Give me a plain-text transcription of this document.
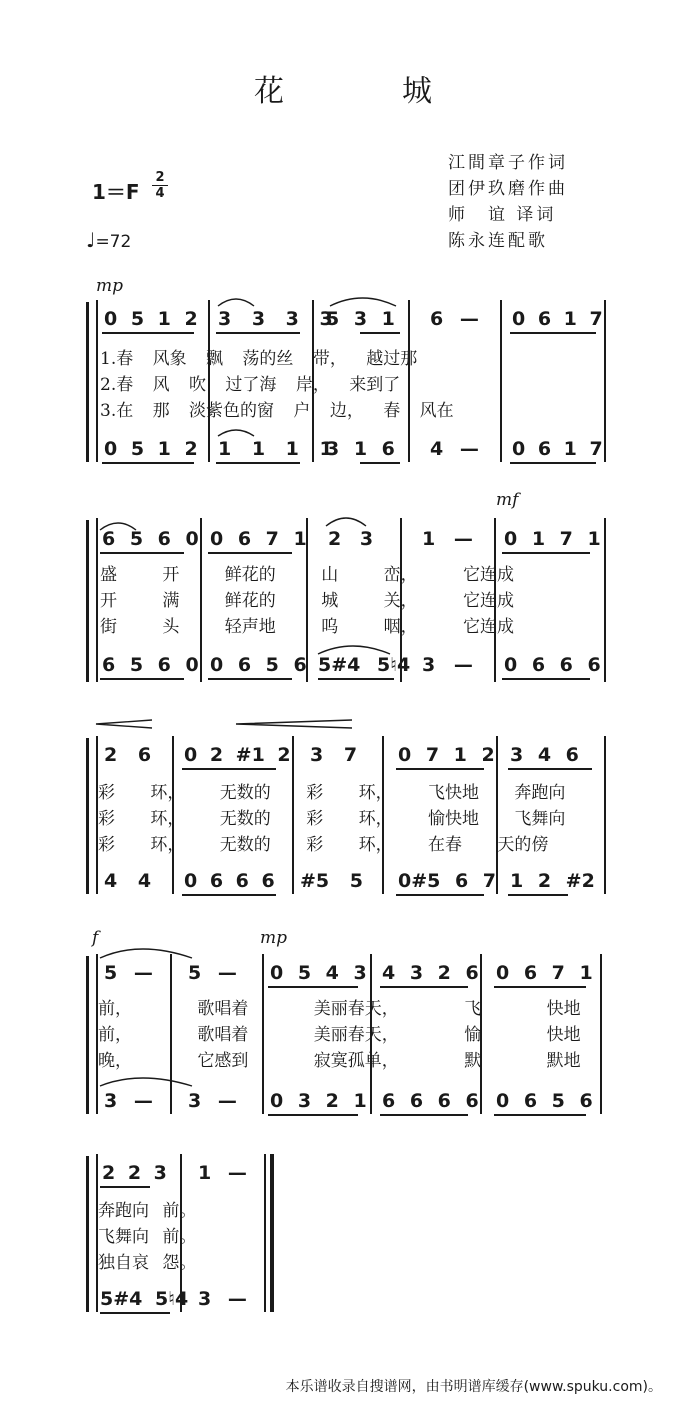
花　城
江間章子作词
团伊玖磨作曲
师　谊 译词
陈永连配歌
1＝F
2
4
♩=72
mp
0 5 1 2 3 3 3 3
5 3 1 6 — 0 6 1 7
1.春 风象 飘 荡的丝 带， 越过那
2.春 风 吹 过了海 岸， 来到了
3.在 那 淡紫色的窗 户 边， 春 风在
0 5 1 2 1 1 1 1
3 1 6 4 — 0 6 1 7
mf
6 5 6 0 0 6 7 1 2 3	1 — 0 1 7 1
盛 开 鲜花的 山 峦， 它连成
开 满 鲜花的 城 关， 它连成
街 头 轻声地 呜 咽， 它连成
6 5 6 0 0 6 5 6 5#4 5♮4 3 — 0 6 6 6
2 6 0 2 #1 2 3 7 0 7 1 2 3 4 6
彩 环， 无数的 彩 环， 飞快地 奔跑向
彩 环， 无数的 彩 环， 愉快地 飞舞向
彩 环， 无数的 彩 环， 在春 天的傍
4 4 0 6 6 6 #5 5 0#5 6 7 1 2 #2
f	mp
5 — 5 — 0 5 4 3 4 3 2 6 0 6 7 1
前， 歌唱着 美丽春天， 飞 快地
前， 歌唱着 美丽春天， 愉 快地
晚， 它感到 寂寞孤单， 默 默地
3 — 3 — 0 3 2 1 6 6 6 6 0 6 5 6
2 2 3 1 —
奔跑向 前。
飞舞向 前。
独自哀 怨。
5#4 5♮4 3 —
本乐谱收录自搜谱网，由书明谱库缓存(www.spuku.com)。
